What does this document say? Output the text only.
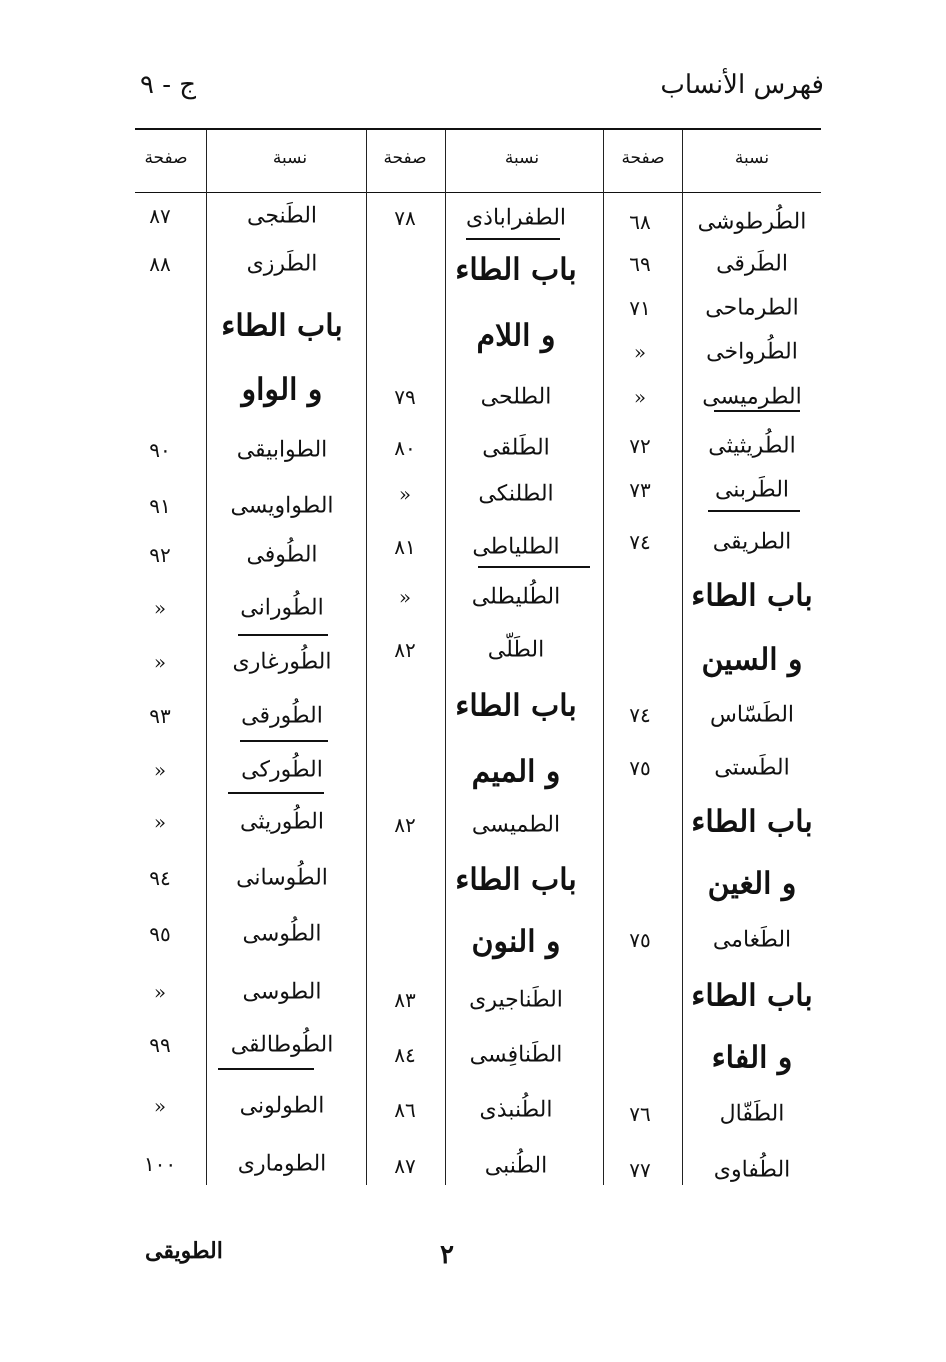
فهرس الأنساب
ج - ٩
نسبة
صفحة
نسبة
صفحة
نسبة
صفحة
الطُرطوشى
٦٨
الطَرقى
٦٩
الطرماحى
٧١
الطُرواخى
»
الطرميسى
»
الطُريثيثى
٧٢
الطَربنى
٧٣
الطريقى
٧٤
باب الطاء
و السين
الطَسّاس
٧٤
الطَستى
٧٥
باب الطاء
و الغين
الطَغامى
٧٥
باب الطاء
و الفاء
الطَفّال
٧٦
الطُفاوى
٧٧
الطفراباذى
٧٨
باب الطاء
و اللام
الطلحى
٧٩
الطَلقى
٨٠
الطلنكى
»
الطلياطى
٨١
الطُليطلى
»
الطَلّى
٨٢
باب الطاء
و الميم
الطميسى
٨٢
باب الطاء
و النون
الطَناجيرى
٨٣
الطَنافِسى
٨٤
الطُنبذى
٨٦
الطُنبى
٨٧
الطَنجى
٨٧
الطَرزى
٨٨
باب الطاء
و الواو
الطوابيقى
٩٠
الطواويسى
٩١
الطُوفى
٩٢
الطُورانى
»
الطُورغارى
»
الطُورقى
٩٣
الطُوركى
»
الطُوريثى
»
الطُوسانى
٩٤
الطُوسى
٩٥
الطوسى
»
الطُوطالقى
٩٩
الطولونى
»
الطومارى
١٠٠
الطويقى	٢
